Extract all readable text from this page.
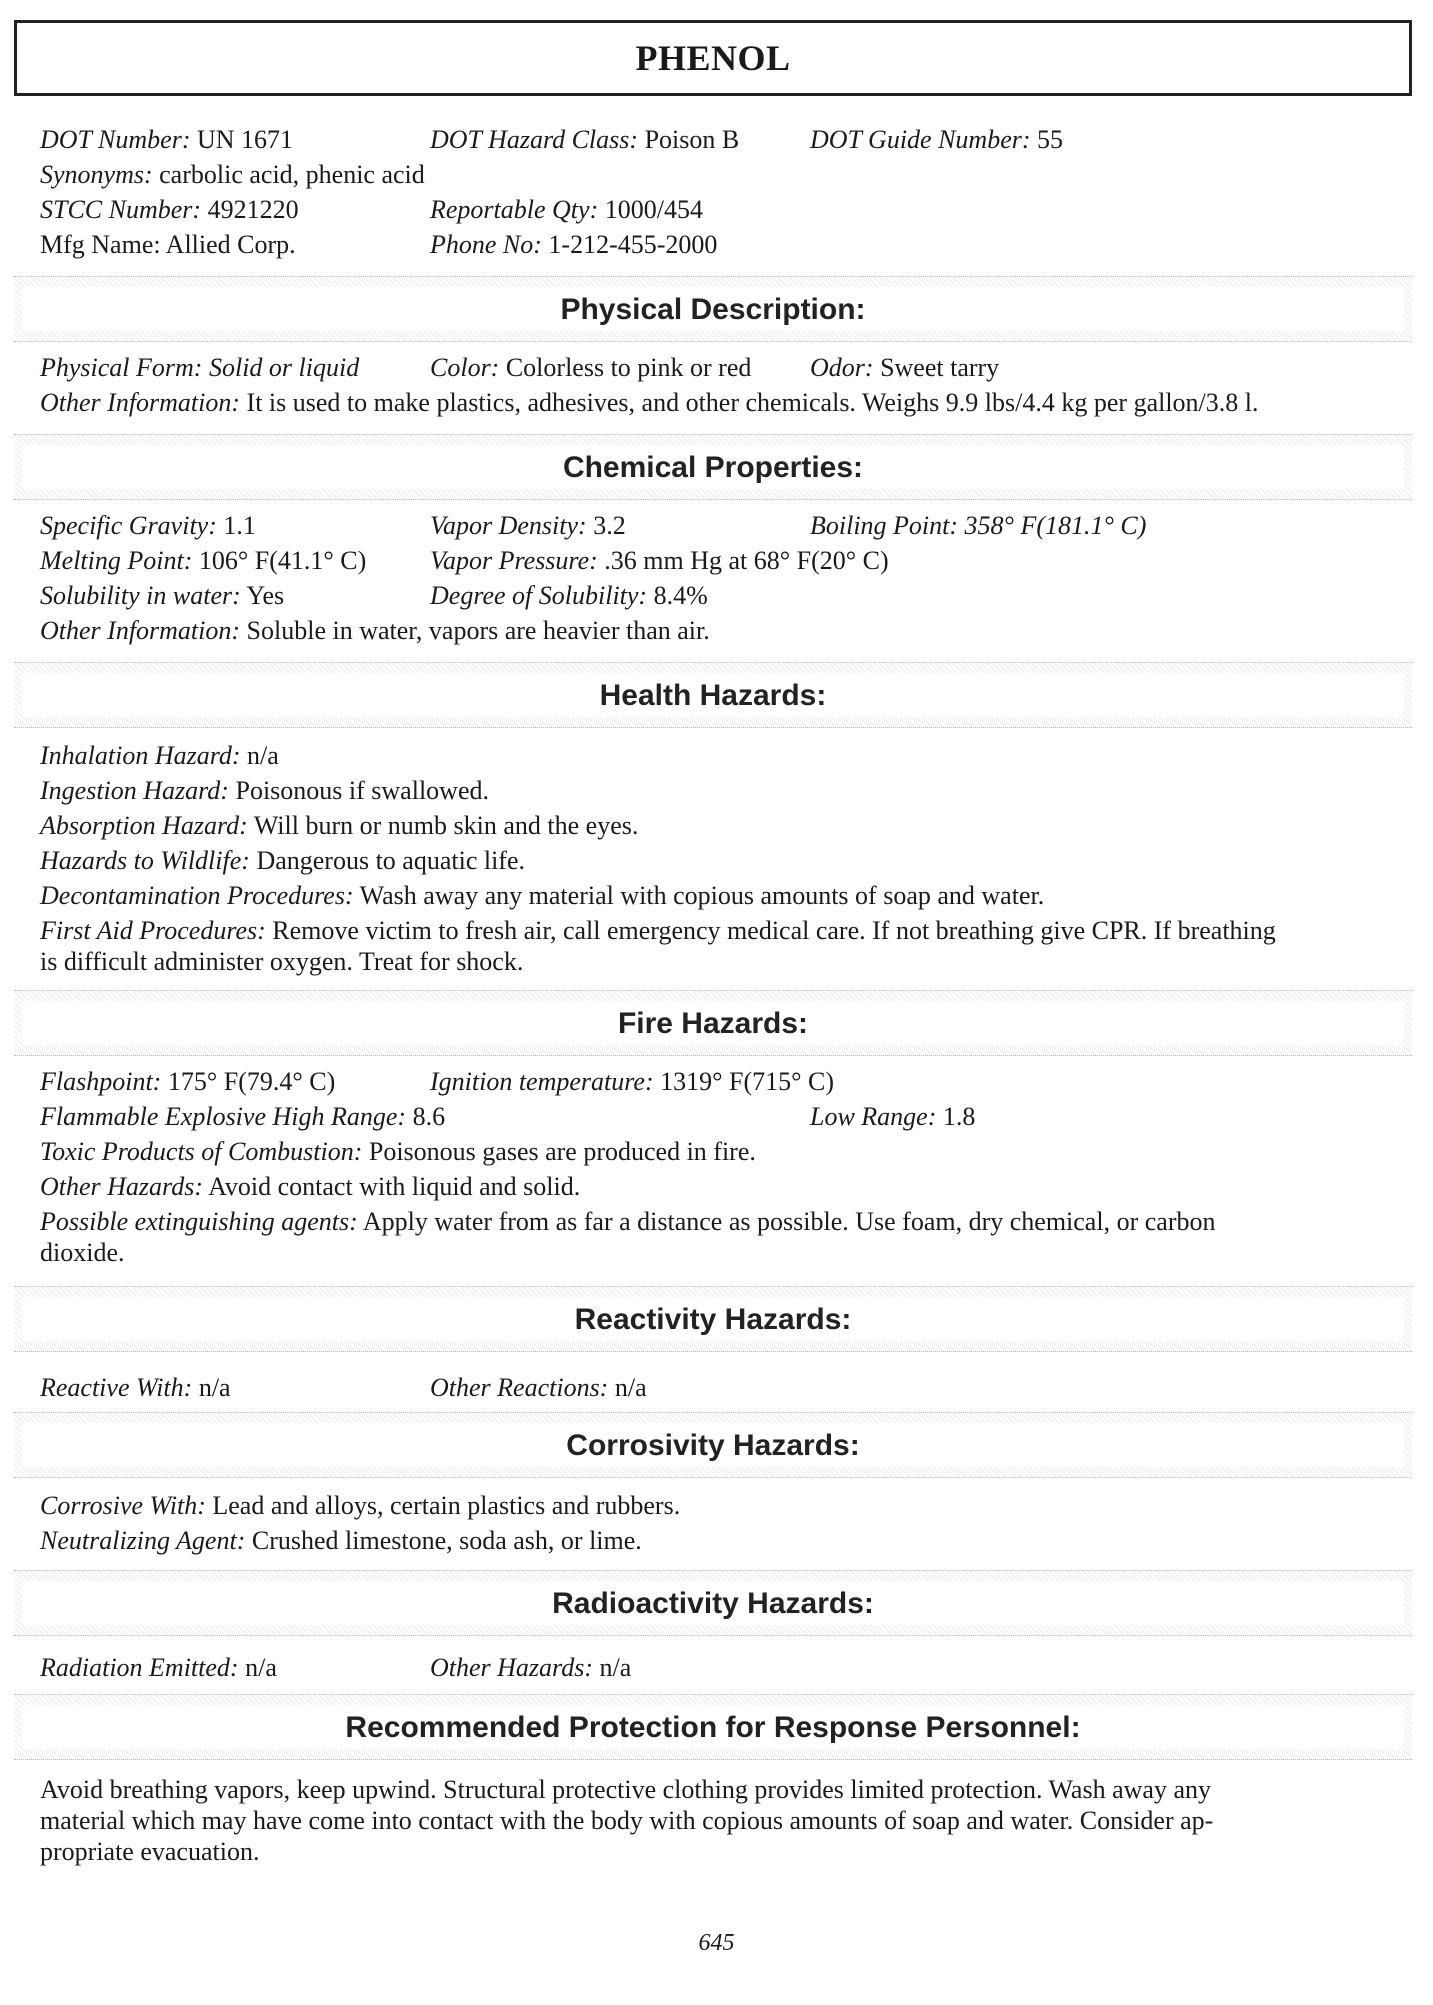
PHENOL
DOT Number: UN 1671	DOT Hazard Class: Poison B	DOT Guide Number: 55
Synonyms: carbolic acid, phenic acid
STCC Number: 4921220	Reportable Qty: 1000/454
Mfg Name: Allied Corp.	Phone No: 1-212-455-2000
Physical Description:
Physical Form: Solid or liquid	Color: Colorless to pink or red Odor: Sweet tarry
Other Information: It is used to make plastics, adhesives, and other chemicals. Weighs 9.9 lbs/4.4 kg per gallon/3.8 l.
Chemical Properties:
Specific Gravity: 1.1	Vapor Density: 3.2	Boiling Point: 358° F(181.1° C)
Melting Point: 106° F(41.1° C) Vapor Pressure: .36 mm Hg at 68° F(20° C)
Solubility in water: Yes	Degree of Solubility: 8.4%
Other Information: Soluble in water, vapors are heavier than air.
Health Hazards:
Inhalation Hazard: n/a
Ingestion Hazard: Poisonous if swallowed.
Absorption Hazard: Will burn or numb skin and the eyes.
Hazards to Wildlife: Dangerous to aquatic life.
Decontamination Procedures: Wash away any material with copious amounts of soap and water.
First Aid Procedures: Remove victim to fresh air, call emergency medical care. If not breathing give CPR. If breathing
is difficult administer oxygen. Treat for shock.
Fire Hazards:
Flashpoint: 175° F(79.4° C)	Ignition temperature: 1319° F(715° C)
Flammable Explosive High Range: 8.6	Low Range: 1.8
Toxic Products of Combustion: Poisonous gases are produced in fire.
Other Hazards: Avoid contact with liquid and solid.
Possible extinguishing agents: Apply water from as far a distance as possible. Use foam, dry chemical, or carbon
dioxide.
Reactivity Hazards:
Reactive With: n/a	Other Reactions: n/a
Corrosivity Hazards:
Corrosive With: Lead and alloys, certain plastics and rubbers.
Neutralizing Agent: Crushed limestone, soda ash, or lime.
Radioactivity Hazards:
Radiation Emitted: n/a	Other Hazards: n/a
Recommended Protection for Response Personnel:
Avoid breathing vapors, keep upwind. Structural protective clothing provides limited protection. Wash away any
material which may have come into contact with the body with copious amounts of soap and water. Consider ap-
propriate evacuation.
645
